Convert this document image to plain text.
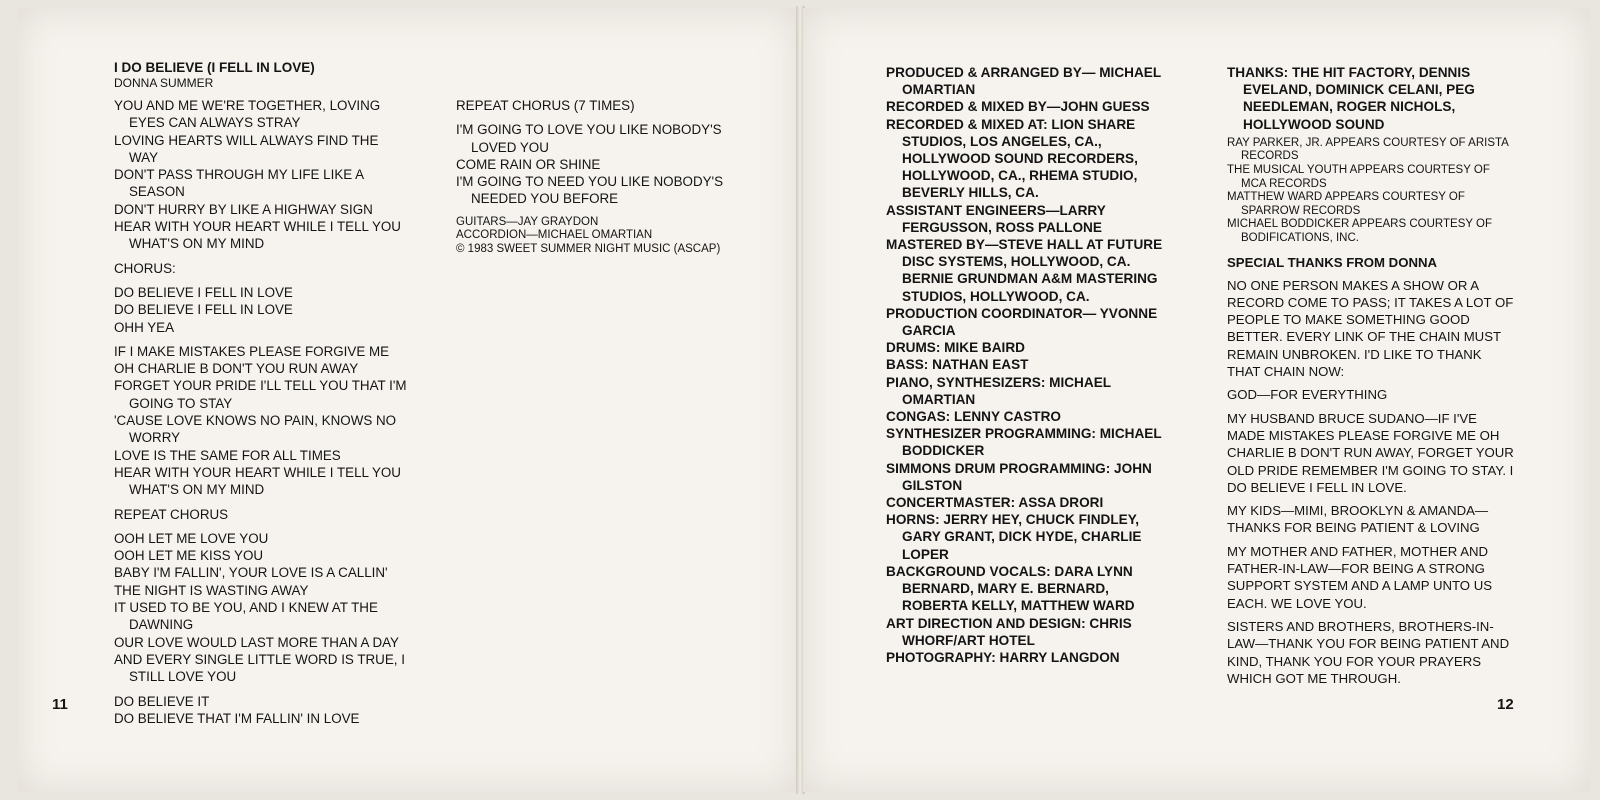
I DO BELIEVE (I FELL IN LOVE)
DONNA SUMMER

YOU AND ME WE'RE TOGETHER, LOVING EYES CAN ALWAYS STRAY
LOVING HEARTS WILL ALWAYS FIND THE WAY
DON'T PASS THROUGH MY LIFE LIKE A SEASON
DON'T HURRY BY LIKE A HIGHWAY SIGN
HEAR WITH YOUR HEART WHILE I TELL YOU WHAT'S ON MY MIND

CHORUS:

DO BELIEVE I FELL IN LOVE
DO BELIEVE I FELL IN LOVE
OHH YEA

IF I MAKE MISTAKES PLEASE FORGIVE ME
OH CHARLIE B DON'T YOU RUN AWAY
FORGET YOUR PRIDE I'LL TELL YOU THAT I'M GOING TO STAY
'CAUSE LOVE KNOWS NO PAIN, KNOWS NO WORRY
LOVE IS THE SAME FOR ALL TIMES
HEAR WITH YOUR HEART WHILE I TELL YOU WHAT'S ON MY MIND

REPEAT CHORUS

OOH LET ME LOVE YOU
OOH LET ME KISS YOU
BABY I'M FALLIN', YOUR LOVE IS A CALLIN'
THE NIGHT IS WASTING AWAY
IT USED TO BE YOU, AND I KNEW AT THE DAWNING
OUR LOVE WOULD LAST MORE THAN A DAY
AND EVERY SINGLE LITTLE WORD IS TRUE, I STILL LOVE YOU

DO BELIEVE IT
DO BELIEVE THAT I'M FALLIN' IN LOVE

REPEAT CHORUS (7 TIMES)

I'M GOING TO LOVE YOU LIKE NOBODY'S LOVED YOU
COME RAIN OR SHINE
I'M GOING TO NEED YOU LIKE NOBODY'S NEEDED YOU BEFORE

GUITARS—JAY GRAYDON
ACCORDION—MICHAEL OMARTIAN
© 1983 SWEET SUMMER NIGHT MUSIC (ASCAP)
11
PRODUCED & ARRANGED BY— MICHAEL OMARTIAN
RECORDED & MIXED BY—JOHN GUESS
RECORDED & MIXED AT: LION SHARE STUDIOS, LOS ANGELES, CA., HOLLYWOOD SOUND RECORDERS, HOLLYWOOD, CA., RHEMA STUDIO, BEVERLY HILLS, CA.
ASSISTANT ENGINEERS—LARRY FERGUSSON, ROSS PALLONE
MASTERED BY—STEVE HALL AT FUTURE DISC SYSTEMS, HOLLYWOOD, CA. BERNIE GRUNDMAN A&M MASTERING STUDIOS, HOLLYWOOD, CA.
PRODUCTION COORDINATOR— YVONNE GARCIA
DRUMS: MIKE BAIRD
BASS: NATHAN EAST
PIANO, SYNTHESIZERS: MICHAEL OMARTIAN
CONGAS: LENNY CASTRO
SYNTHESIZER PROGRAMMING: MICHAEL BODDICKER
SIMMONS DRUM PROGRAMMING: JOHN GILSTON
CONCERTMASTER: ASSA DRORI
HORNS: JERRY HEY, CHUCK FINDLEY, GARY GRANT, DICK HYDE, CHARLIE LOPER
BACKGROUND VOCALS: DARA LYNN BERNARD, MARY E. BERNARD, ROBERTA KELLY, MATTHEW WARD
ART DIRECTION AND DESIGN: CHRIS WHORF/ART HOTEL
PHOTOGRAPHY: HARRY LANGDON
THANKS: THE HIT FACTORY, DENNIS EVELAND, DOMINICK CELANI, PEG NEEDLEMAN, ROGER NICHOLS, HOLLYWOOD SOUND
RAY PARKER, JR. APPEARS COURTESY OF ARISTA RECORDS
THE MUSICAL YOUTH APPEARS COURTESY OF MCA RECORDS
MATTHEW WARD APPEARS COURTESY OF SPARROW RECORDS
MICHAEL BODDICKER APPEARS COURTESY OF BODIFICATIONS, INC.
SPECIAL THANKS FROM DONNA

NO ONE PERSON MAKES A SHOW OR A RECORD COME TO PASS; IT TAKES A LOT OF PEOPLE TO MAKE SOMETHING GOOD BETTER. EVERY LINK OF THE CHAIN MUST REMAIN UNBROKEN. I'D LIKE TO THANK THAT CHAIN NOW:

GOD—FOR EVERYTHING

MY HUSBAND BRUCE SUDANO—IF I'VE MADE MISTAKES PLEASE FORGIVE ME OH CHARLIE B DON'T RUN AWAY, FORGET YOUR OLD PRIDE REMEMBER I'M GOING TO STAY. I DO BELIEVE I FELL IN LOVE.

MY KIDS—MIMI, BROOKLYN & AMANDA—THANKS FOR BEING PATIENT & LOVING

MY MOTHER AND FATHER, MOTHER AND FATHER-IN-LAW—FOR BEING A STRONG SUPPORT SYSTEM AND A LAMP UNTO US EACH. WE LOVE YOU.

SISTERS AND BROTHERS, BROTHERS-IN-LAW—THANK YOU FOR BEING PATIENT AND KIND, THANK YOU FOR YOUR PRAYERS WHICH GOT ME THROUGH.

12
